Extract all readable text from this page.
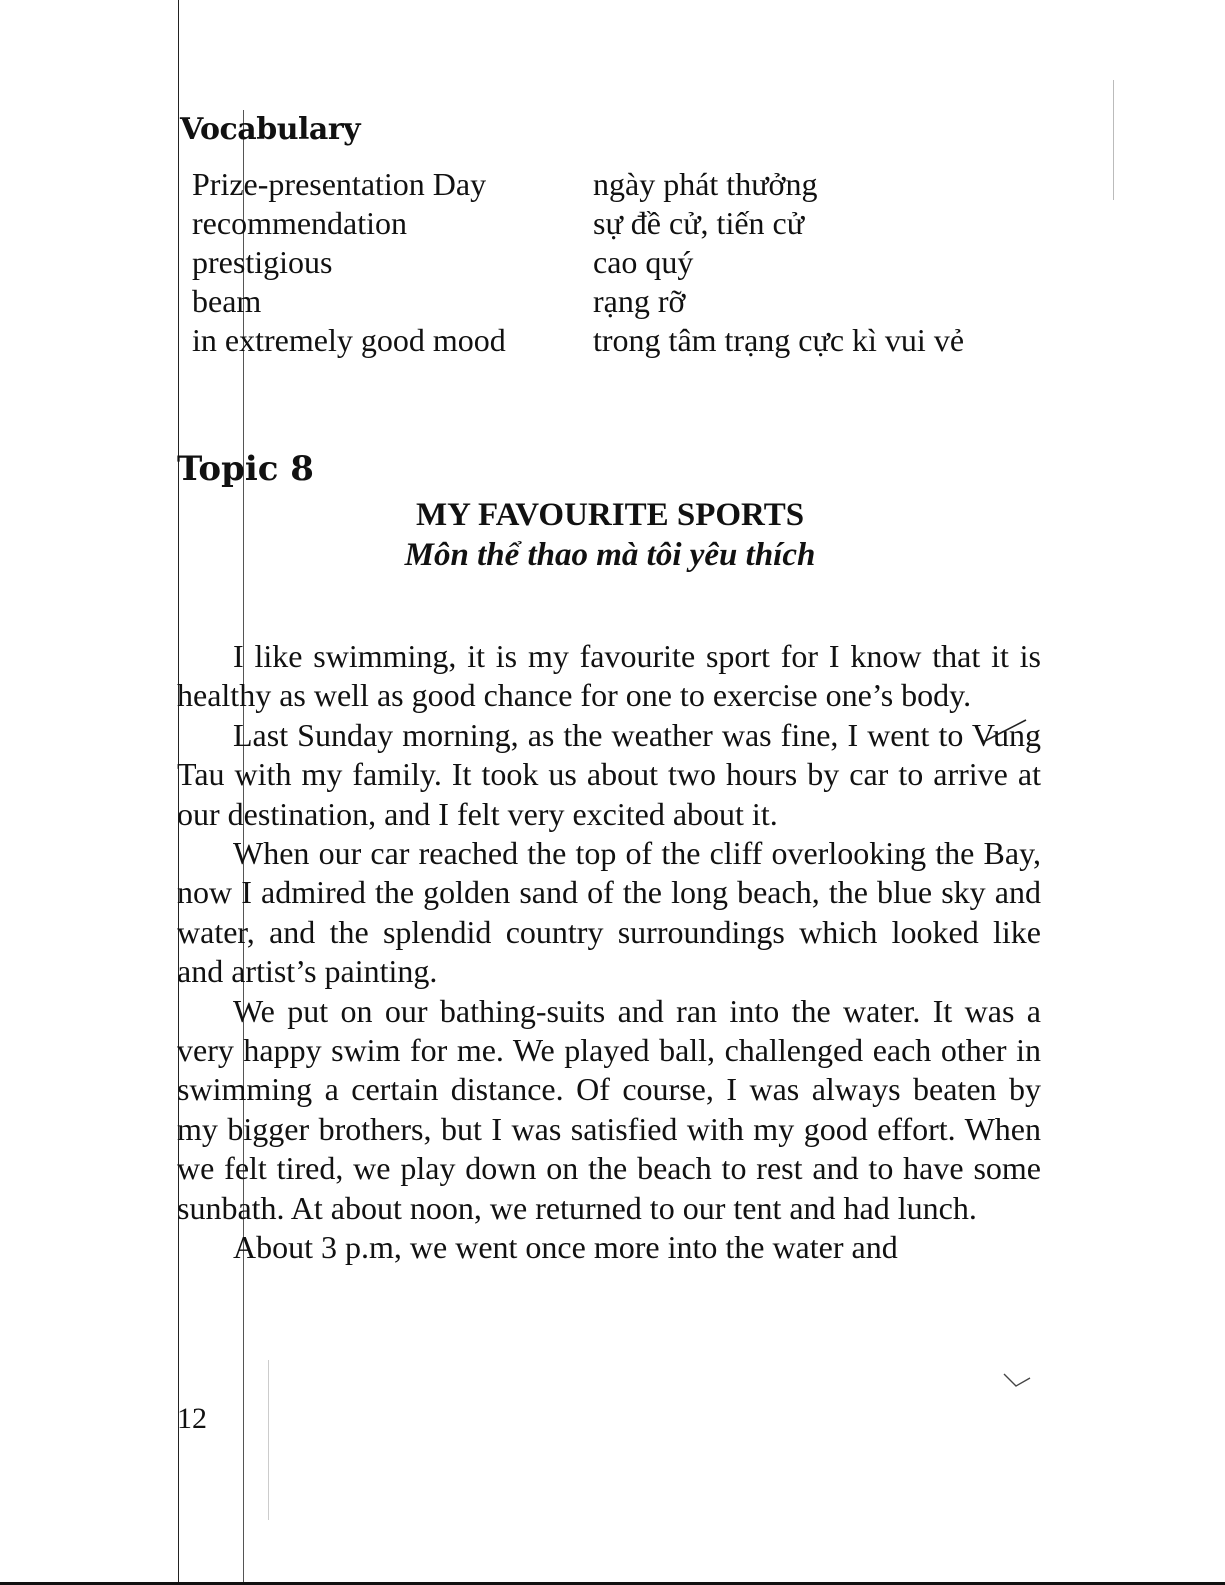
Vocabulary
Prize-presentation Day	ngày phát thưởng
recommendation	sự đề cử, tiến cử
prestigious	cao quý
beam	rạng rỡ
in extremely good mood	trong tâm trạng cực kì vui vẻ
Topic 8
MY FAVOURITE SPORTS
Môn thể thao mà tôi yêu thích

I like swimming, it is my favourite sport for I know that it is healthy as well as good chance for one to exercise one’s body.

Last Sunday morning, as the weather was fine, I went to Vung Tau with my family. It took us about two hours by car to arrive at our destination, and I felt very excited about it.

When our car reached the top of the cliff overlooking the Bay, now I admired the golden sand of the long beach, the blue sky and water, and the splendid country surroundings which looked like and artist’s painting.

We put on our bathing-suits and ran into the water. It was a very happy swim for me. We played ball, challenged each other in swimming a certain distance. Of course, I was always beaten by my bigger brothers, but I was satisfied with my good effort. When we felt tired, we play down on the beach to rest and to have some sunbath. At about noon, we returned to our tent and had lunch.

About 3 p.m, we went once more into the water and

12
